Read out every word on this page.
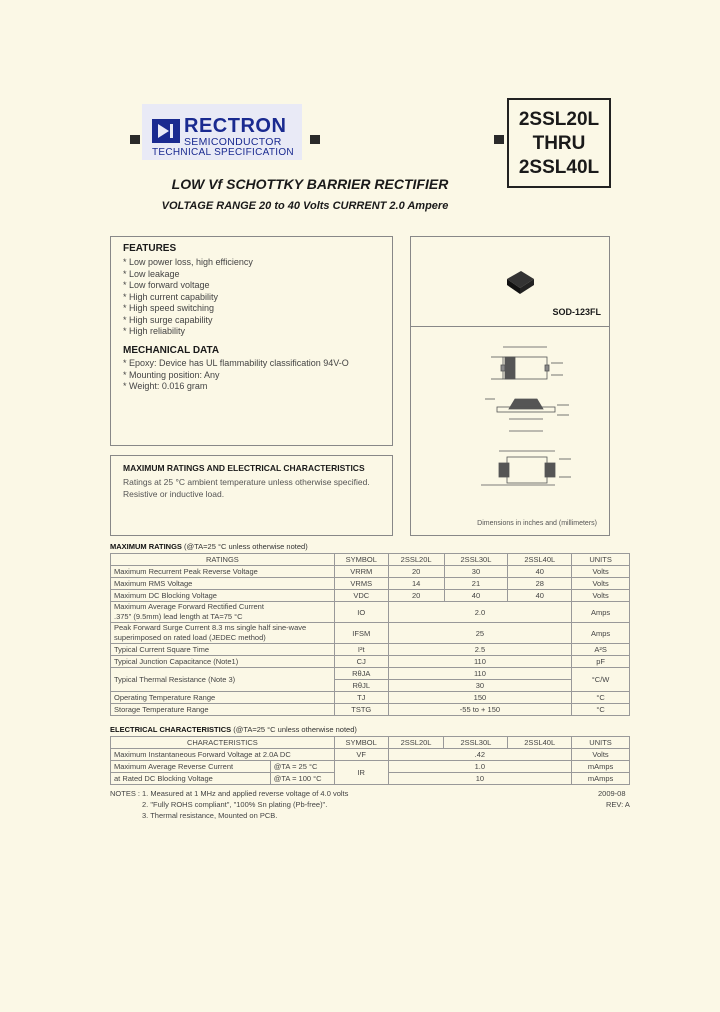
RECTRON
SEMICONDUCTOR
TECHNICAL SPECIFICATION
2SSL20L
THRU
2SSL40L
LOW Vf SCHOTTKY BARRIER RECTIFIER
VOLTAGE RANGE 20 to 40 Volts CURRENT 2.0 Ampere
FEATURES
* Low power loss, high efficiency
* Low leakage
* Low forward voltage
* High current capability
* High speed switching
* High surge capability
* High reliability
MECHANICAL DATA
* Epoxy: Device has UL flammability classification 94V-O
* Mounting position: Any
* Weight: 0.016 gram
MAXIMUM RATINGS AND ELECTRICAL CHARACTERISTICS
Ratings at 25 °C ambient temperature unless otherwise specified.
Resistive or inductive load.
SOD-123FL
Dimensions in inches and (millimeters)
MAXIMUM RATINGS (@TA=25 °C unless otherwise noted)
RATINGS	SYMBOL	2SSL20L	2SSL30L	2SSL40L	UNITS
Maximum Recurrent Peak Reverse Voltage	VRRM	20	30	40	Volts
Maximum RMS Voltage	VRMS	14	21	28	Volts
Maximum DC Blocking Voltage	VDC	20	40	40	Volts

Maximum Average Forward Rectified Current
.375" (9.5mm) lead length at TA=75 °C	IO	2.0			Amps

Peak Forward Surge Current 8.3 ms single half sine-wave
superimposed on rated load (JEDEC method)	IFSM	25			Amps
Typical Current Square Time	I²t	2.5			A²S
Typical Junction Capacitance (Note1)	CJ	110			pF
Typical Thermal Resistance (Note 3)	RθJA	110			°C/W
	RθJL	30			
Operating Temperature Range	TJ	150			°C
Storage Temperature Range	TSTG	-55 to + 150			°C
ELECTRICAL CHARACTERISTICS (@TA=25 °C unless otherwise noted)
CHARACTERISTICS		SYMBOL	2SSL20L	2SSL30L	2SSL40L	UNITS
Maximum Instantaneous Forward Voltage at 2.0A DC		VF	.42			Volts
Maximum Average Reverse Current	@TA = 25 °C	IR	1.0			mAmps
at Rated DC Blocking Voltage	@TA = 100 °C		10			mAmps
NOTES : 1. Measured at 1 MHz and applied reverse voltage of 4.0 volts
2. "Fully ROHS compliant", "100% Sn plating (Pb-free)".
3. Thermal resistance, Mounted on PCB.
2009-08
REV: A
